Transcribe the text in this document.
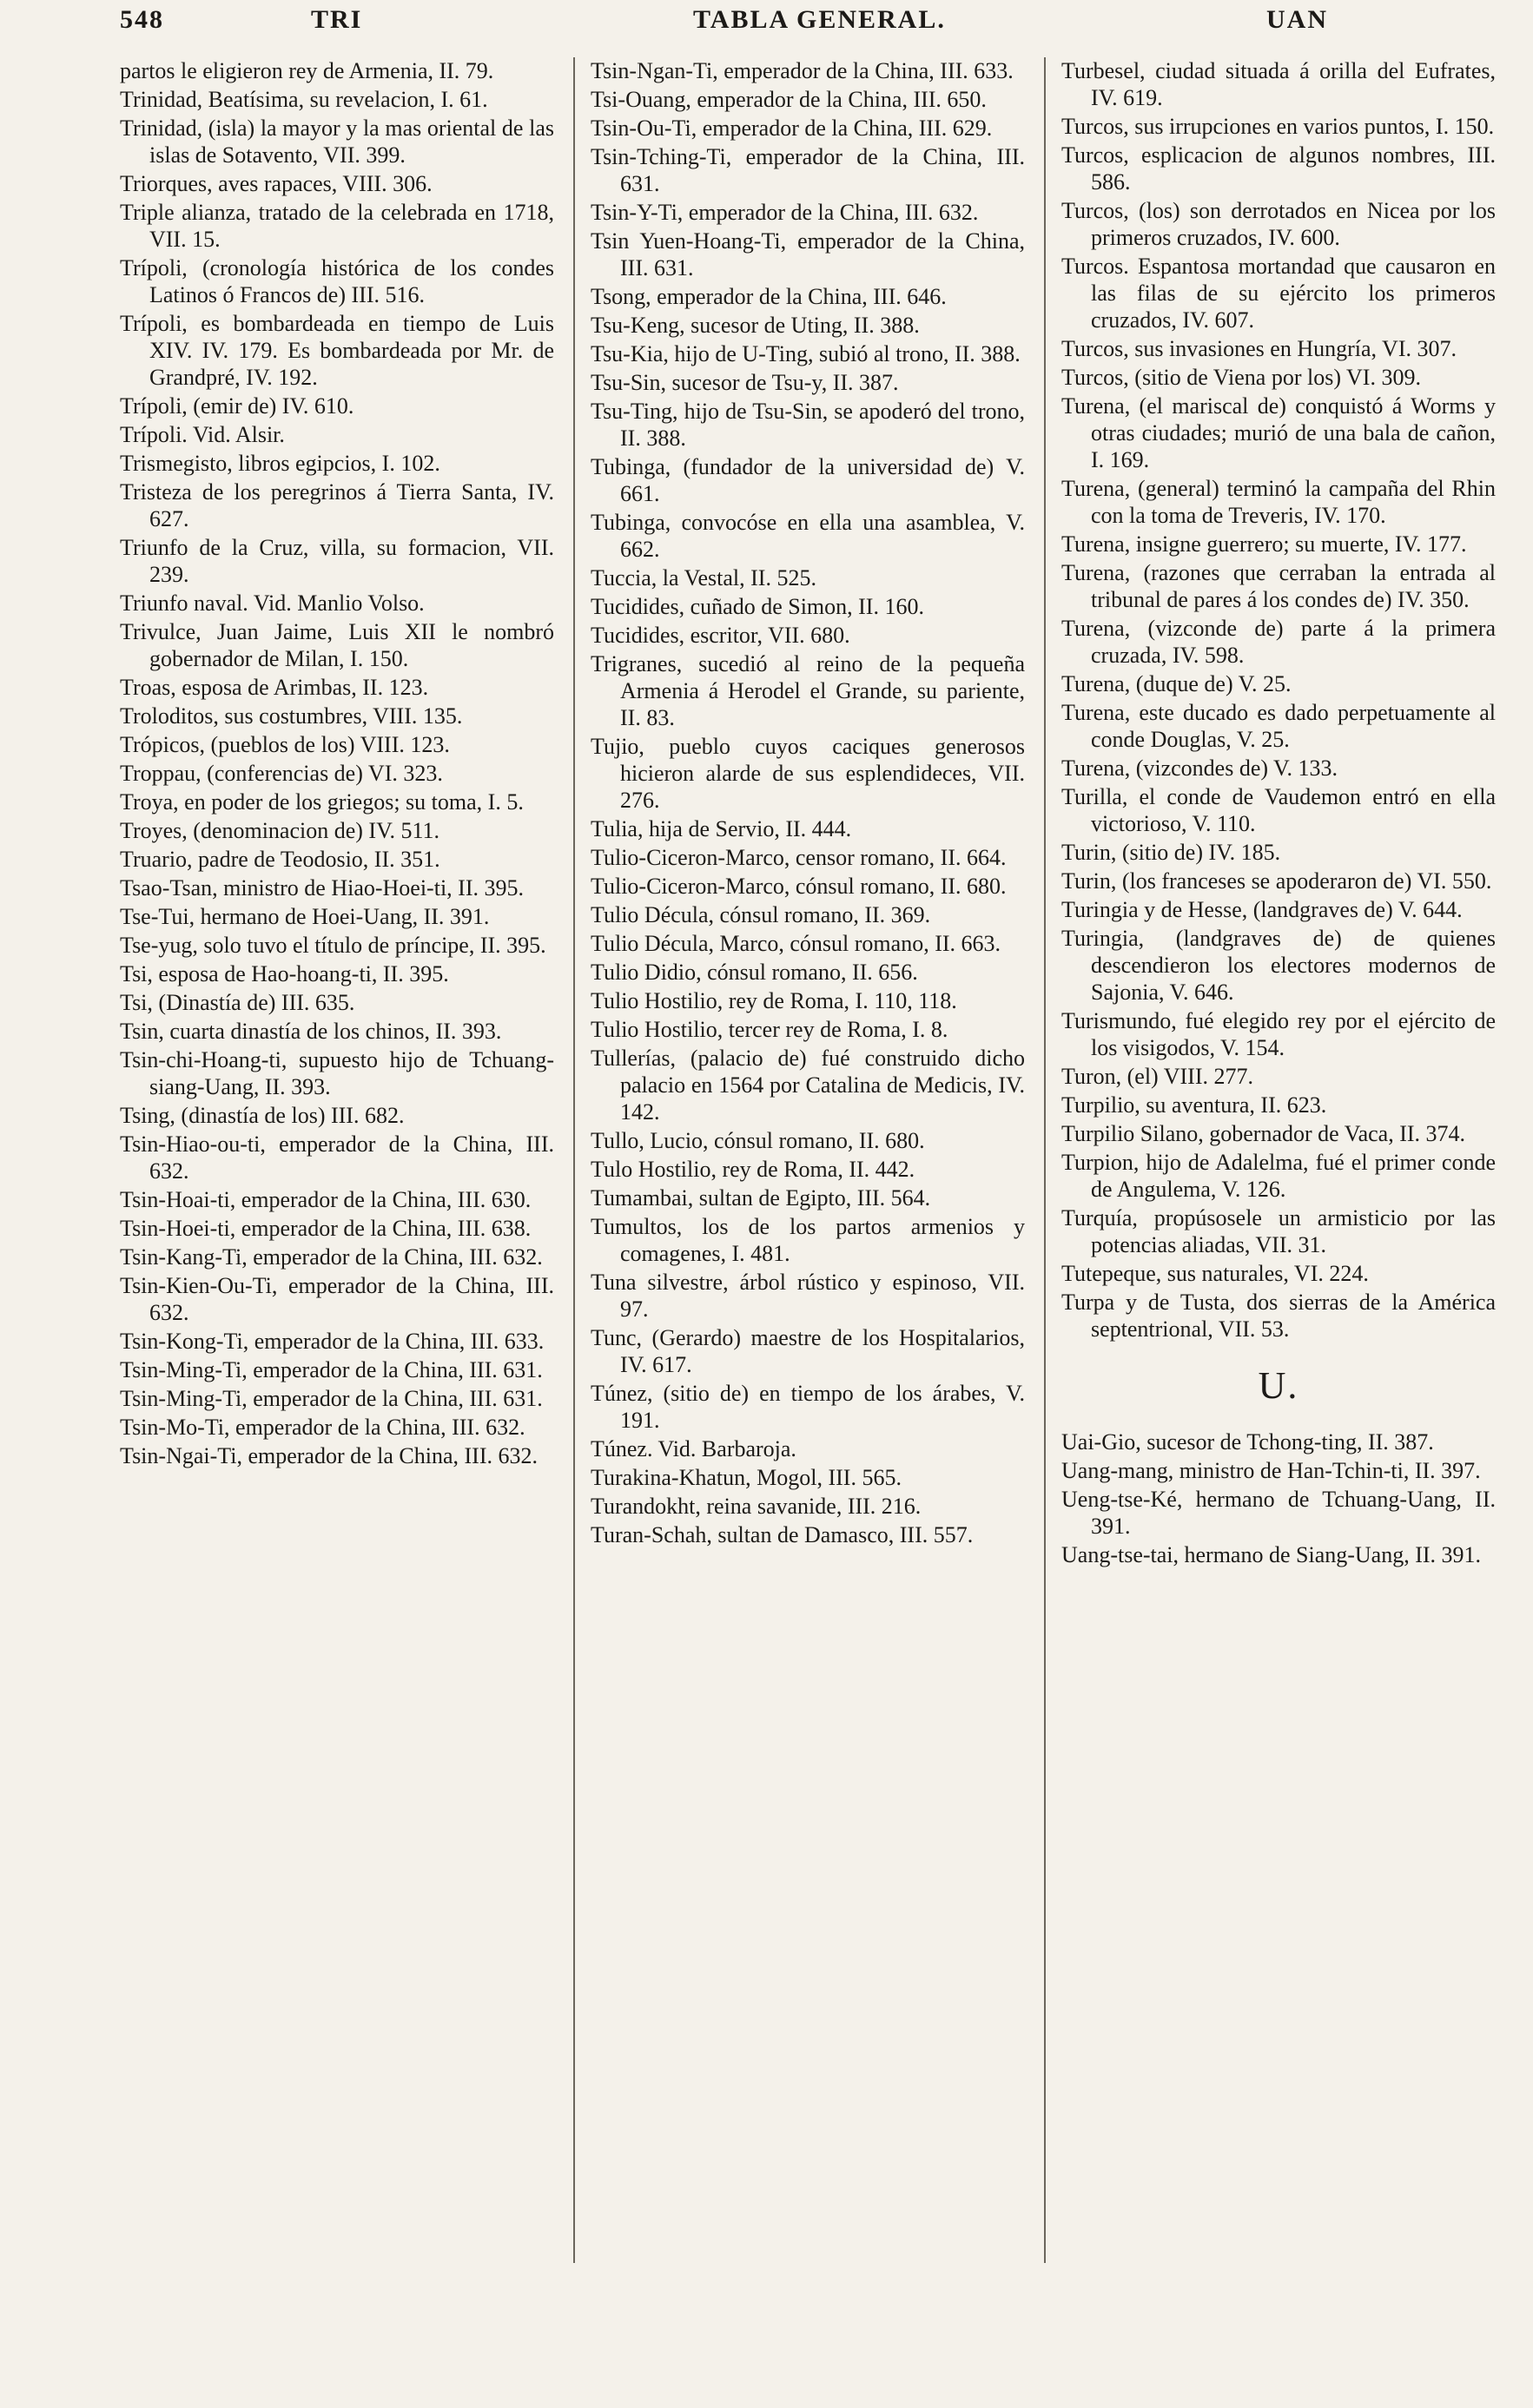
548	TRI	TABLA GENERAL.	UAN

partos le eligieron rey de Armenia, II. 79.

Trinidad, Beatísima, su revelacion, I. 61.

Trinidad, (isla) la mayor y la mas oriental de las islas de Sotavento, VII. 399.

Triorques, aves rapaces, VIII. 306.

Triple alianza, tratado de la celebrada en 1718, VII. 15.

Trípoli, (cronología histórica de los condes Latinos ó Francos de) III. 516.

Trípoli, es bombardeada en tiempo de Luis XIV. IV. 179. Es bombardeada por Mr. de Grandpré, IV. 192.

Trípoli, (emir de) IV. 610.

Trípoli. Vid. Alsir.

Trismegisto, libros egipcios, I. 102.

Tristeza de los peregrinos á Tierra Santa, IV. 627.

Triunfo de la Cruz, villa, su formacion, VII. 239.

Triunfo naval. Vid. Manlio Volso.

Trivulce, Juan Jaime, Luis XII le nombró gobernador de Milan, I. 150.

Troas, esposa de Arimbas, II. 123.

Troloditos, sus costumbres, VIII. 135.

Trópicos, (pueblos de los) VIII. 123.

Troppau, (conferencias de) VI. 323.

Troya, en poder de los griegos; su toma, I. 5.

Troyes, (denominacion de) IV. 511.

Truario, padre de Teodosio, II. 351.

Tsao-Tsan, ministro de Hiao-Hoei-ti, II. 395.

Tse-Tui, hermano de Hoei-Uang, II. 391.

Tse-yug, solo tuvo el título de príncipe, II. 395.

Tsi, esposa de Hao-hoang-ti, II. 395.

Tsi, (Dinastía de) III. 635.

Tsin, cuarta dinastía de los chinos, II. 393.

Tsin-chi-Hoang-ti, supuesto hijo de Tchuang-siang-Uang, II. 393.

Tsing, (dinastía de los) III. 682.

Tsin-Hiao-ou-ti, emperador de la China, III. 632.

Tsin-Hoai-ti, emperador de la China, III. 630.

Tsin-Hoei-ti, emperador de la China, III. 638.

Tsin-Kang-Ti, emperador de la China, III. 632.

Tsin-Kien-Ou-Ti, emperador de la China, III. 632.

Tsin-Kong-Ti, emperador de la China, III. 633.

Tsin-Ming-Ti, emperador de la China, III. 631.

Tsin-Ming-Ti, emperador de la China, III. 631.

Tsin-Mo-Ti, emperador de la China, III. 632.

Tsin-Ngai-Ti, emperador de la China, III. 632.

Tsin-Ngan-Ti, emperador de la China, III. 633.

Tsi-Ouang, emperador de la China, III. 650.

Tsin-Ou-Ti, emperador de la China, III. 629.

Tsin-Tching-Ti, emperador de la China, III. 631.

Tsin-Y-Ti, emperador de la China, III. 632.

Tsin Yuen-Hoang-Ti, emperador de la China, III. 631.

Tsong, emperador de la China, III. 646.

Tsu-Keng, sucesor de Uting, II. 388.

Tsu-Kia, hijo de U-Ting, subió al trono, II. 388.

Tsu-Sin, sucesor de Tsu-y, II. 387.

Tsu-Ting, hijo de Tsu-Sin, se apoderó del trono, II. 388.

Tubinga, (fundador de la universidad de) V. 661.

Tubinga, convocóse en ella una asamblea, V. 662.

Tuccia, la Vestal, II. 525.

Tucidides, cuñado de Simon, II. 160.

Tucidides, escritor, VII. 680.

Trigranes, sucedió al reino de la pequeña Armenia á Herodel el Grande, su pariente, II. 83.

Tujio, pueblo cuyos caciques generosos hicieron alarde de sus esplendideces, VII. 276.

Tulia, hija de Servio, II. 444.

Tulio-Ciceron-Marco, censor romano, II. 664.

Tulio-Ciceron-Marco, cónsul romano, II. 680.

Tulio Décula, cónsul romano, II. 369.

Tulio Décula, Marco, cónsul romano, II. 663.

Tulio Didio, cónsul romano, II. 656.

Tulio Hostilio, rey de Roma, I. 110, 118.

Tulio Hostilio, tercer rey de Roma, I. 8.

Tullerías, (palacio de) fué construido dicho palacio en 1564 por Catalina de Medicis, IV. 142.

Tullo, Lucio, cónsul romano, II. 680.

Tulo Hostilio, rey de Roma, II. 442.

Tumambai, sultan de Egipto, III. 564.

Tumultos, los de los partos armenios y comagenes, I. 481.

Tuna silvestre, árbol rústico y espinoso, VII. 97.

Tunc, (Gerardo) maestre de los Hospitalarios, IV. 617.

Túnez, (sitio de) en tiempo de los árabes, V. 191.

Túnez. Vid. Barbaroja.

Turakina-Khatun, Mogol, III. 565.

Turandokht, reina savanide, III. 216.

Turan-Schah, sultan de Damasco, III. 557.

Turbesel, ciudad situada á orilla del Eufrates, IV. 619.

Turcos, sus irrupciones en varios puntos, I. 150.

Turcos, esplicacion de algunos nombres, III. 586.

Turcos, (los) son derrotados en Nicea por los primeros cruzados, IV. 600.

Turcos. Espantosa mortandad que causaron en las filas de su ejército los primeros cruzados, IV. 607.

Turcos, sus invasiones en Hungría, VI. 307.

Turcos, (sitio de Viena por los) VI. 309.

Turena, (el mariscal de) conquistó á Worms y otras ciudades; murió de una bala de cañon, I. 169.

Turena, (general) terminó la campaña del Rhin con la toma de Treveris, IV. 170.

Turena, insigne guerrero; su muerte, IV. 177.

Turena, (razones que cerraban la entrada al tribunal de pares á los condes de) IV. 350.

Turena, (vizconde de) parte á la primera cruzada, IV. 598.

Turena, (duque de) V. 25.

Turena, este ducado es dado perpetuamente al conde Douglas, V. 25.

Turena, (vizcondes de) V. 133.

Turilla, el conde de Vaudemon entró en ella victorioso, V. 110.

Turin, (sitio de) IV. 185.

Turin, (los franceses se apoderaron de) VI. 550.

Turingia y de Hesse, (landgraves de) V. 644.

Turingia, (landgraves de) de quienes descendieron los electores modernos de Sajonia, V. 646.

Turismundo, fué elegido rey por el ejército de los visigodos, V. 154.

Turon, (el) VIII. 277.

Turpilio, su aventura, II. 623.

Turpilio Silano, gobernador de Vaca, II. 374.

Turpion, hijo de Adalelma, fué el primer conde de Angulema, V. 126.

Turquía, propúsosele un armisticio por las potencias aliadas, VII. 31.

Tutepeque, sus naturales, VI. 224.

Turpa y de Tusta, dos sierras de la América septentrional, VII. 53.

U.

Uai-Gio, sucesor de Tchong-ting, II. 387.

Uang-mang, ministro de Han-Tchin-ti, II. 397.

Ueng-tse-Ké, hermano de Tchuang-Uang, II. 391.

Uang-tse-tai, hermano de Siang-Uang, II. 391.
